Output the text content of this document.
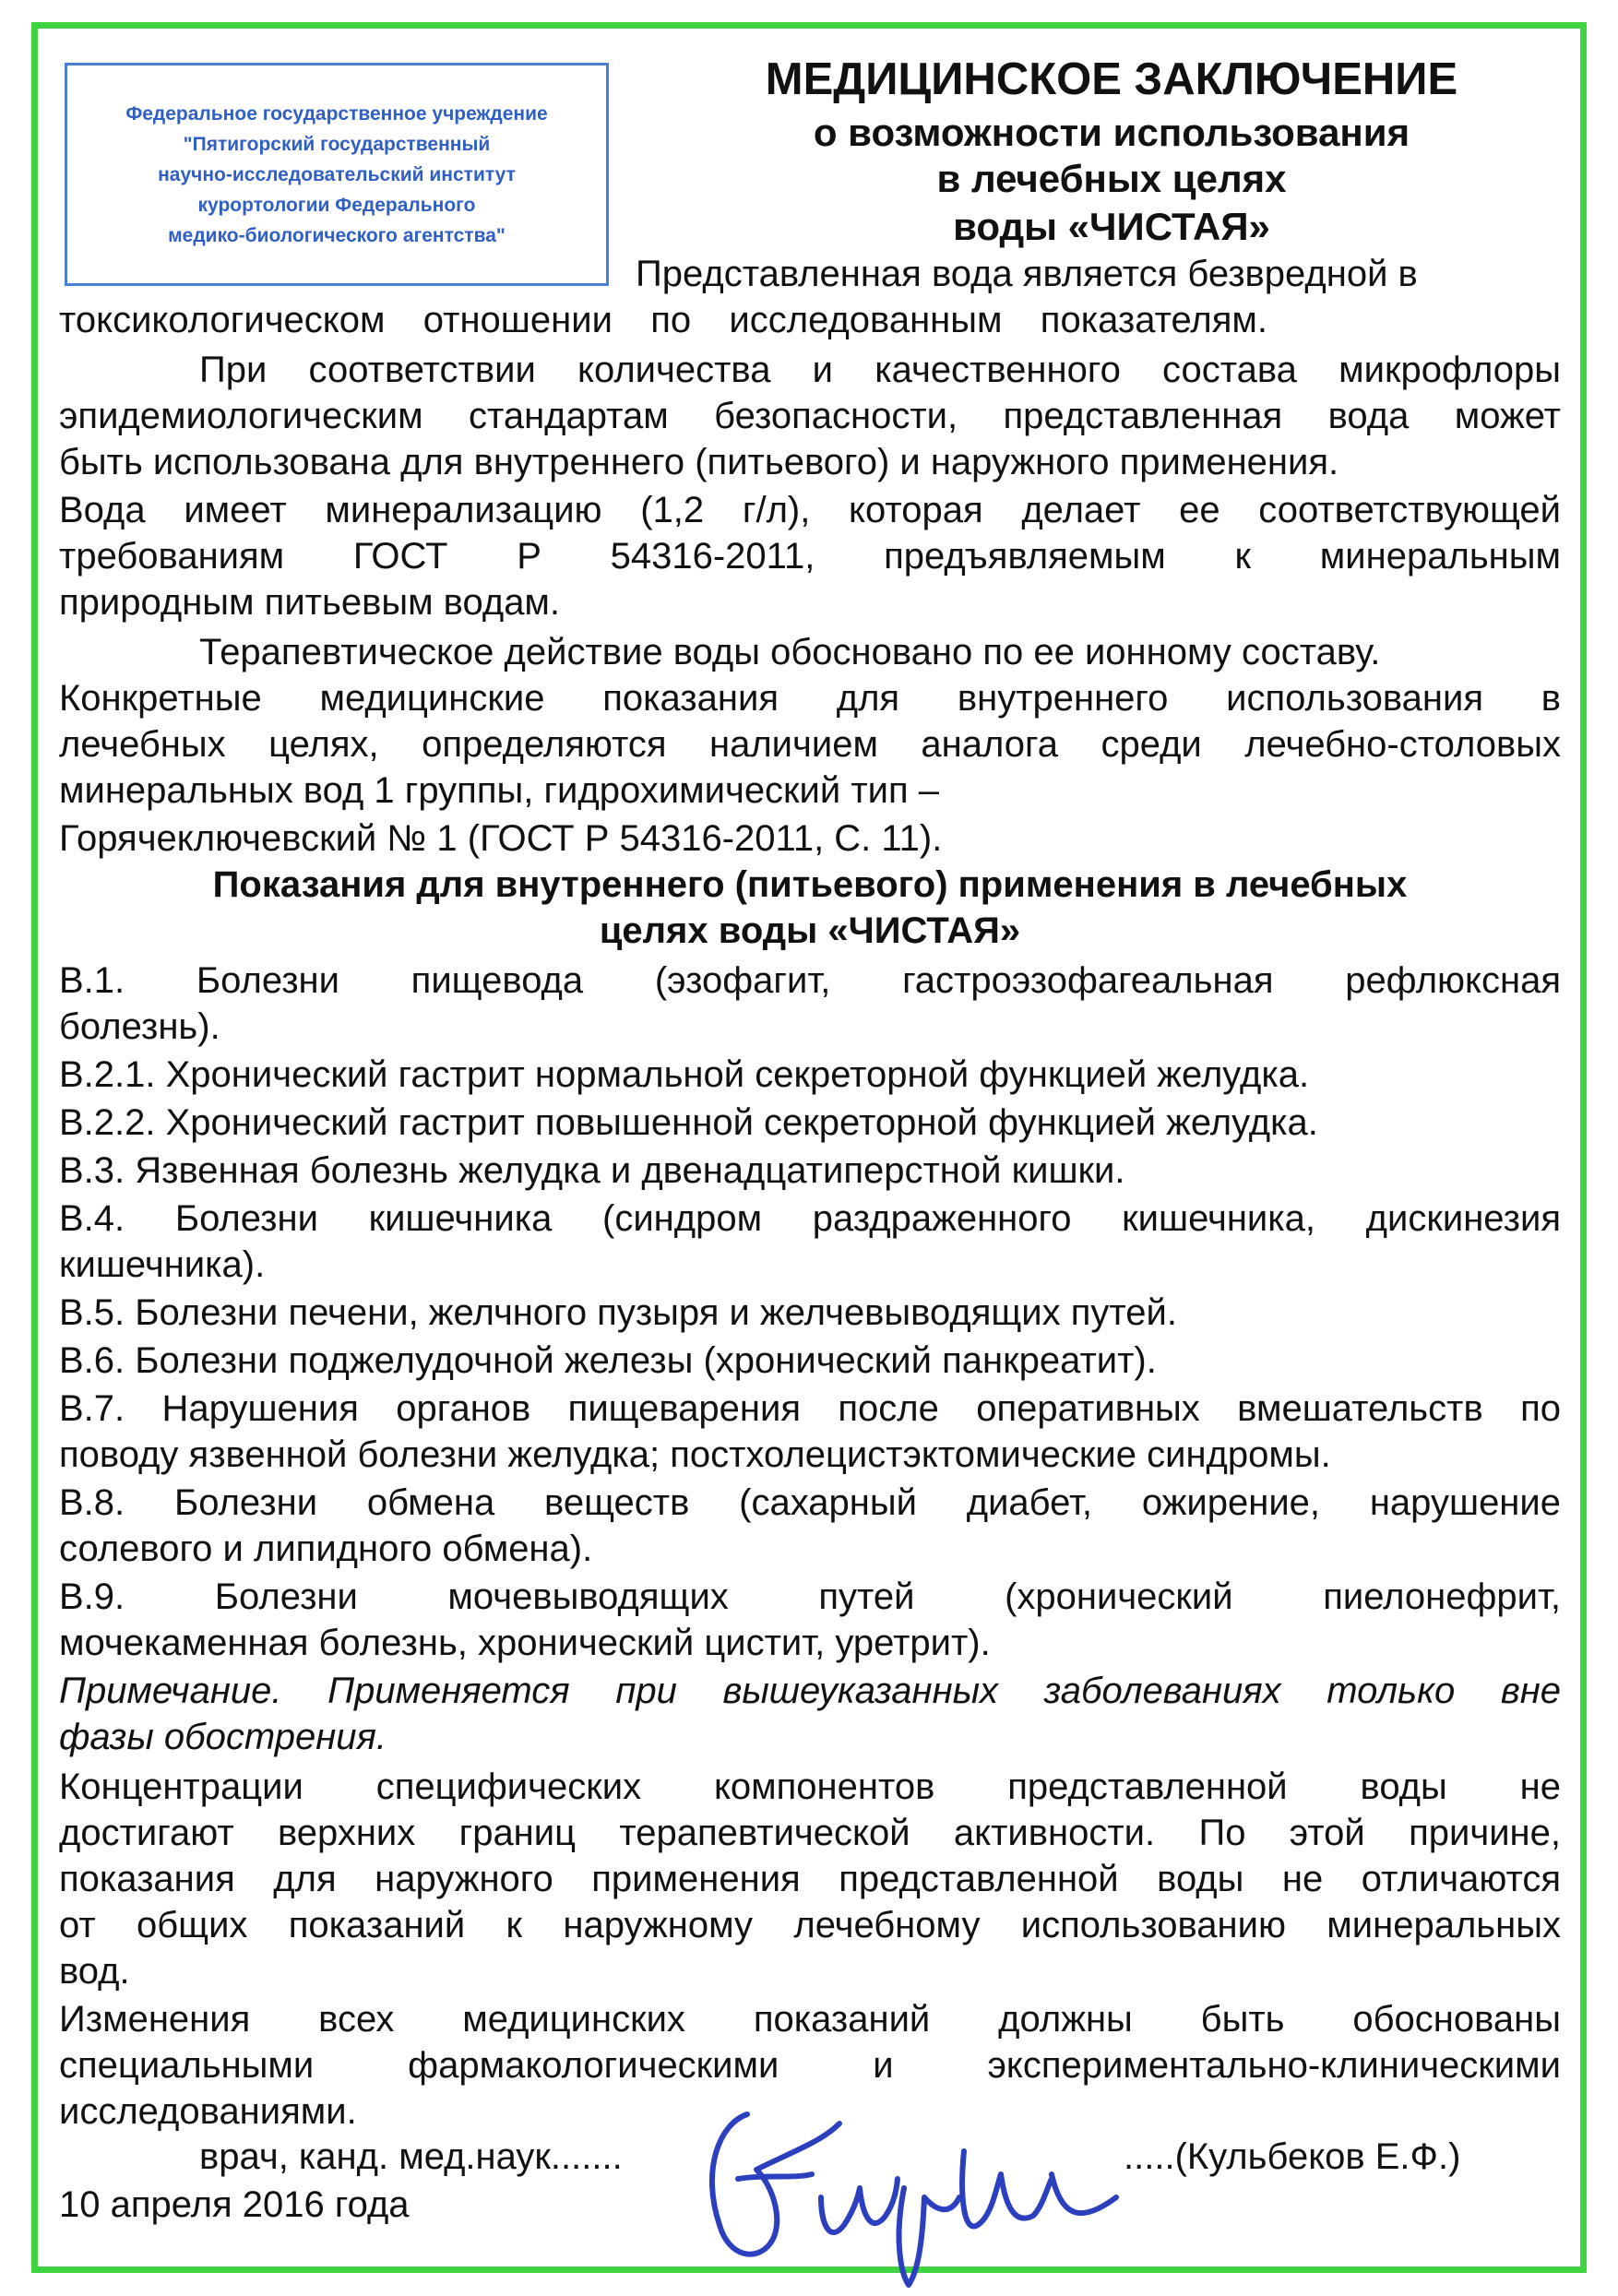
Федеральное государственное учреждение
"Пятигорский государственный
научно-исследовательский институт
курортологии Федерального
медико-биологического агентства"
МЕДИЦИНСКОЕ ЗАКЛЮЧЕНИЕ
о возможности использования
в лечебных целях
воды «ЧИСТАЯ»
Представленная вода является безвредной в
токсикологическом отношении по исследованным показателям.
При соответствии количества и качественного состава микрофлоры
эпидемиологическим стандартам безопасности, представленная вода может
быть использована для внутреннего (питьевого) и наружного применения.
Вода имеет минерализацию (1,2 г/л), которая делает ее соответствующей
требованиям ГОСТ Р 54316-2011, предъявляемым к минеральным
природным питьевым водам.
Терапевтическое действие воды обосновано по ее ионному составу.
Конкретные медицинские показания для внутреннего использования в
лечебных целях, определяются наличием аналога среди лечебно-столовых
минеральных вод 1 группы, гидрохимический тип –
Горячеключевский № 1 (ГОСТ Р 54316-2011, С. 11).
Показания для внутреннего (питьевого) применения в лечебных
целях воды «ЧИСТАЯ»
В.1. Болезни пищевода (эзофагит, гастроэзофагеальная рефлюксная
болезнь).
В.2.1. Хронический гастрит нормальной секреторной функцией желудка.
В.2.2. Хронический гастрит повышенной секреторной функцией желудка.
В.3. Язвенная болезнь желудка и двенадцатиперстной кишки.
В.4. Болезни кишечника (синдром раздраженного кишечника, дискинезия
кишечника).
В.5. Болезни печени, желчного пузыря и желчевыводящих путей.
В.6. Болезни поджелудочной железы (хронический панкреатит).
В.7. Нарушения органов пищеварения после оперативных вмешательств по
поводу язвенной болезни желудка; постхолецистэктомические синдромы.
В.8. Болезни обмена веществ (сахарный диабет, ожирение, нарушение
солевого и липидного обмена).
В.9. Болезни мочевыводящих путей (хронический пиелонефрит,
мочекаменная болезнь, хронический цистит, уретрит).
Примечание. Применяется при вышеуказанных заболеваниях только вне
фазы обострения.
Концентрации специфических компонентов представленной воды не
достигают верхних границ терапевтической активности. По этой причине,
показания для наружного применения представленной воды не отличаются
от общих показаний к наружному лечебному использованию минеральных
вод.
Изменения всех медицинских показаний должны быть обоснованы
специальными фармакологическими и экспериментально-клиническими
исследованиями.
врач, канд. мед.наук.......	.....(Кульбеков Е.Ф.)
10 апреля 2016 года
